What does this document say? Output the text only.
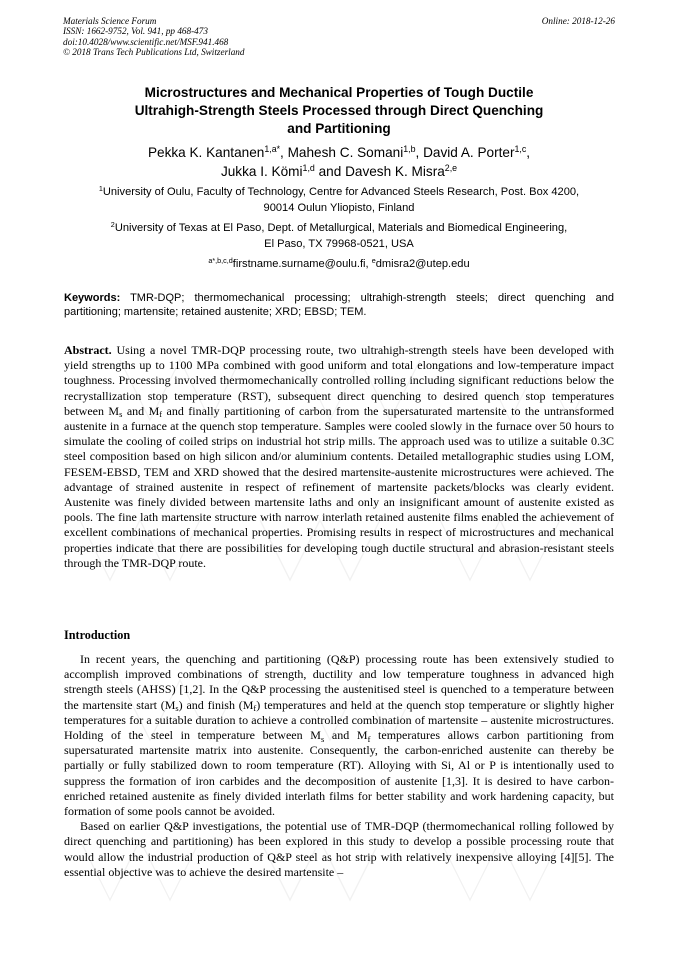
Materials Science Forum
ISSN: 1662-9752, Vol. 941, pp 468-473
doi:10.4028/www.scientific.net/MSF.941.468
© 2018 Trans Tech Publications Ltd, Switzerland
Online: 2018-12-26
Microstructures and Mechanical Properties of Tough Ductile
Ultrahigh-Strength Steels Processed through Direct Quenching
and Partitioning
Pekka K. Kantanen$^{1,a*}$, Mahesh C. Somani$^{1,b}$, David A. Porter$^{1,c}$,
Jukka I. Kömi$^{1,d}$ and Davesh K. Misra$^{2,e}$
$^1$University of Oulu, Faculty of Technology, Centre for Advanced Steels Research, Post. Box 4200,
90014 Oulun Yliopisto, Finland
$^2$University of Texas at El Paso, Dept. of Metallurgical, Materials and Biomedical Engineering,
El Paso, TX 79968-0521, USA
$^{a*,b,c,d}$firstname.surname@oulu.fi, $^e$dmisra2@utep.edu
Keywords: TMR-DQP; thermomechanical processing; ultrahigh-strength steels; direct quenching and partitioning; martensite; retained austenite; XRD; EBSD; TEM.
Abstract. Using a novel TMR-DQP processing route, two ultrahigh-strength steels have been developed with yield strengths up to 1100 MPa combined with good uniform and total elongations and low-temperature impact toughness. Processing involved thermomechanically controlled rolling including significant reductions below the recrystallization stop temperature (RST), subsequent direct quenching to desired quench stop temperatures between $M_s$ and $M_f$ and finally partitioning of carbon from the supersaturated martensite to the untransformed austenite in a furnace at the quench stop temperature. Samples were cooled slowly in the furnace over 50 hours to simulate the cooling of coiled strips on industrial hot strip mills. The approach used was to utilize a suitable 0.3C steel composition based on high silicon and/or aluminium contents. Detailed metallographic studies using LOM, FESEM-EBSD, TEM and XRD showed that the desired martensite-austenite microstructures were achieved. The advantage of strained austenite in respect of refinement of martensite packets/blocks was clearly evident. Austenite was finely divided between martensite laths and only an insignificant amount of austenite existed as pools. The fine lath martensite structure with narrow interlath retained austenite films enabled the achievement of excellent combinations of mechanical properties. Promising results in respect of microstructures and mechanical properties indicate that there are possibilities for developing tough ductile structural and abrasion-resistant steels through the TMR-DQP route.
Introduction

In recent years, the quenching and partitioning (Q&P) processing route has been extensively studied to accomplish improved combinations of strength, ductility and low temperature toughness in advanced high strength steels (AHSS) [1,2]. In the Q&P processing the austenitised steel is quenched to a temperature between the martensite start $(M_s)$ and finish $(M_f)$ temperatures and held at the quench stop temperature or slightly higher temperatures for a suitable duration to achieve a controlled combination of martensite – austenite microstructures. Holding of the steel in temperature between $M_s$ and $M_f$ temperatures allows carbon partitioning from supersaturated martensite matrix into austenite. Consequently, the carbon-enriched austenite can thereby be partially or fully stabilized down to room temperature (RT). Alloying with Si, Al or P is intentionally used to suppress the formation of iron carbides and the decomposition of austenite [1,3]. It is desired to have carbon-enriched retained austenite as finely divided interlath films for better stability and work hardening capacity, but formation of some pools cannot be avoided.

Based on earlier Q&P investigations, the potential use of TMR-DQP (thermomechanical rolling followed by direct quenching and partitioning) has been explored in this study to develop a possible processing route that would allow the industrial production of Q&P steel as hot strip with relatively inexpensive alloying [4][5]. The essential objective was to achieve the desired martensite –
